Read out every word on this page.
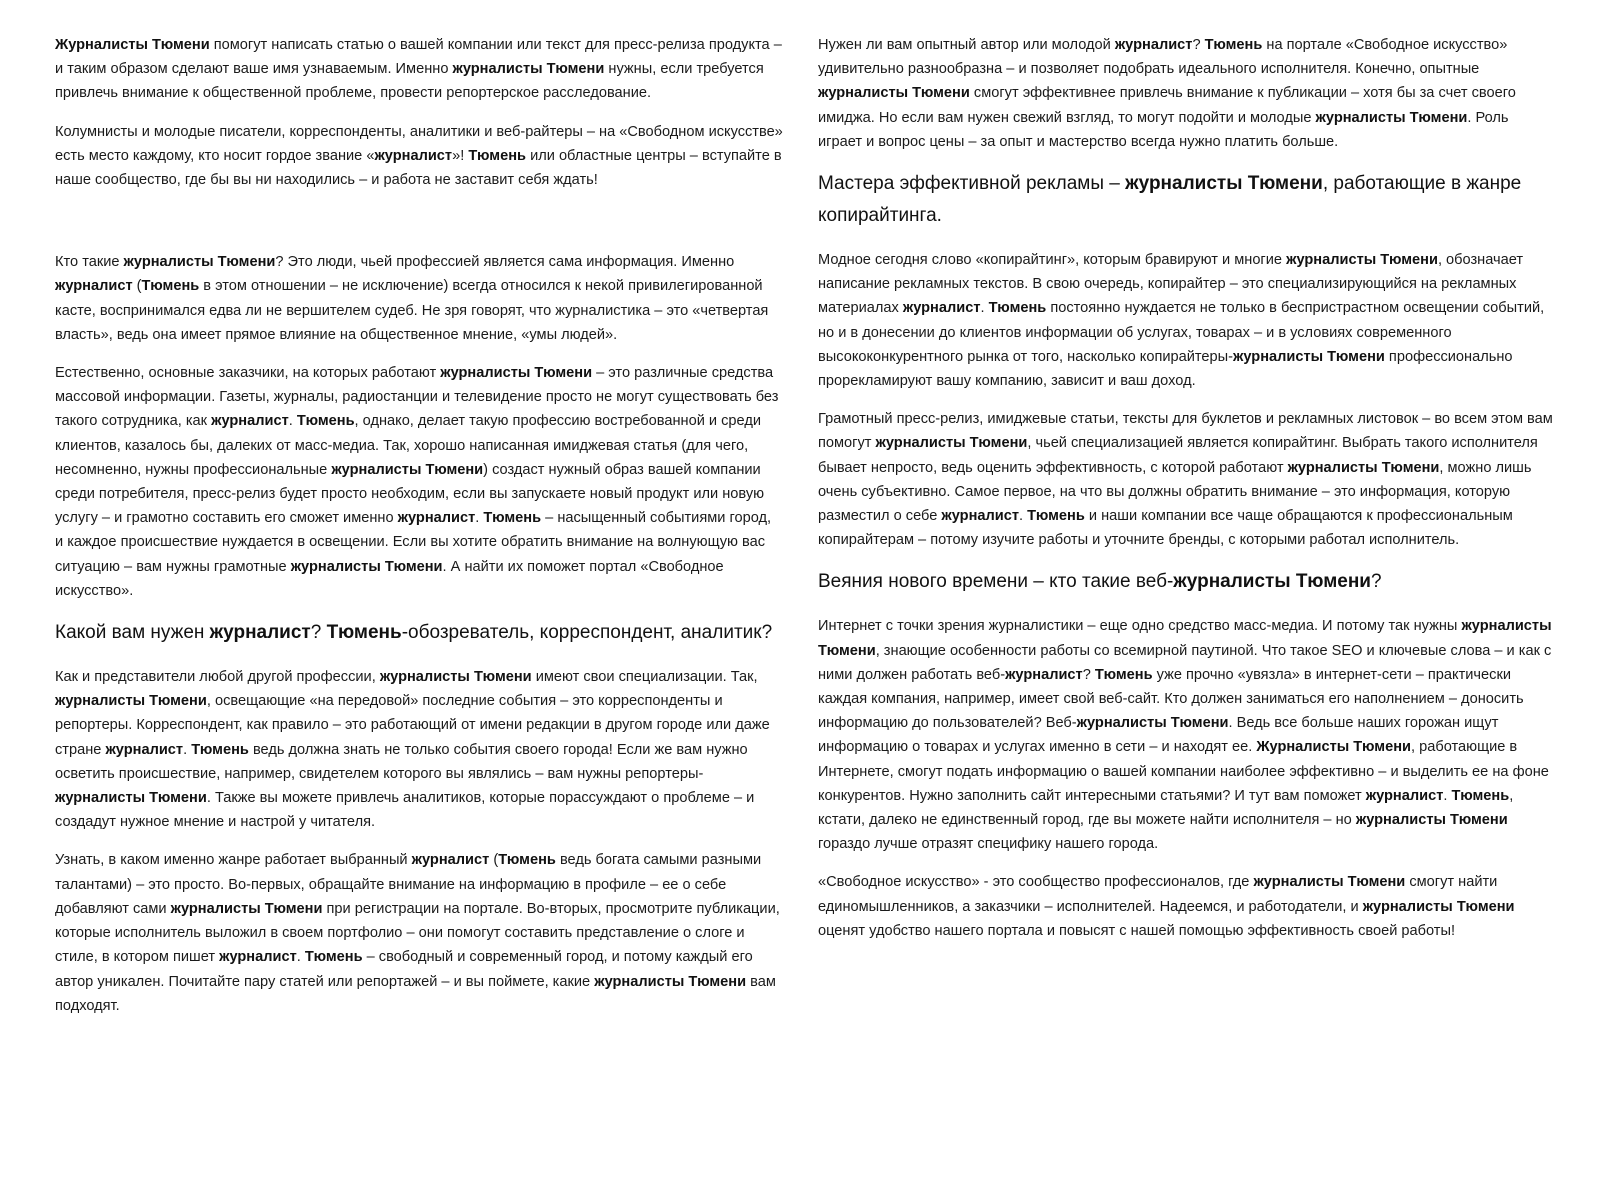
Журналисты Тюмени помогут написать статью о вашей компании или текст для пресс-релиза продукта – и таким образом сделают ваше имя узнаваемым. Именно журналисты Тюмени нужны, если требуется привлечь внимание к общественной проблеме, провести репортерское расследование.

Колумнисты и молодые писатели, корреспонденты, аналитики и веб-райтеры – на «Свободном искусстве» есть место каждому, кто носит гордое звание «журналист»! Тюмень или областные центры – вступайте в наше сообщество, где бы вы ни находились – и работа не заставит себя ждать!

Кто такие журналисты Тюмени? Это люди, чьей профессией является сама информация. Именно журналист (Тюмень в этом отношении – не исключение) всегда относился к некой привилегированной касте, воспринимался едва ли не вершителем судеб. Не зря говорят, что журналистика – это «четвертая власть», ведь она имеет прямое влияние на общественное мнение, «умы людей».

Естественно, основные заказчики, на которых работают журналисты Тюмени – это различные средства массовой информации. Газеты, журналы, радиостанции и телевидение просто не могут существовать без такого сотрудника, как журналист. Тюмень, однако, делает такую профессию востребованной и среди клиентов, казалось бы, далеких от масс-медиа. Так, хорошо написанная имиджевая статья (для чего, несомненно, нужны профессиональные журналисты Тюмени) создаст нужный образ вашей компании среди потребителя, пресс-релиз будет просто необходим, если вы запускаете новый продукт или новую услугу – и грамотно составить его сможет именно журналист. Тюмень – насыщенный событиями город, и каждое происшествие нуждается в освещении. Если вы хотите обратить внимание на волнующую вас ситуацию – вам нужны грамотные журналисты Тюмени. А найти их поможет портал «Свободное искусство».

Какой вам нужен журналист? Тюмень-обозреватель, корреспондент, аналитик?

Как и представители любой другой профессии, журналисты Тюмени имеют свои специализации. Так, журналисты Тюмени, освещающие «на передовой» последние события – это корреспонденты и репортеры. Корреспондент, как правило – это работающий от имени редакции в другом городе или даже стране журналист. Тюмень ведь должна знать не только события своего города! Если же вам нужно осветить происшествие, например, свидетелем которого вы являлись – вам нужны репортеры-журналисты Тюмени. Также вы можете привлечь аналитиков, которые порассуждают о проблеме – и создадут нужное мнение и настрой у читателя.

Узнать, в каком именно жанре работает выбранный журналист (Тюмень ведь богата самыми разными талантами) – это просто. Во-первых, обращайте внимание на информацию в профиле – ее о себе добавляют сами журналисты Тюмени при регистрации на портале. Во-вторых, просмотрите публикации, которые исполнитель выложил в своем портфолио – они помогут составить представление о слоге и стиле, в котором пишет журналист. Тюмень – свободный и современный город, и потому каждый его автор уникален. Почитайте пару статей или репортажей – и вы поймете, какие журналисты Тюмени вам подходят.

Нужен ли вам опытный автор или молодой журналист? Тюмень на портале «Свободное искусство» удивительно разнообразна – и позволяет подобрать идеального исполнителя. Конечно, опытные журналисты Тюмени смогут эффективнее привлечь внимание к публикации – хотя бы за счет своего имиджа. Но если вам нужен свежий взгляд, то могут подойти и молодые журналисты Тюмени. Роль играет и вопрос цены – за опыт и мастерство всегда нужно платить больше.

Мастера эффективной рекламы – журналисты Тюмени, работающие в жанре копирайтинга.

Модное сегодня слово «копирайтинг», которым бравируют и многие журналисты Тюмени, обозначает написание рекламных текстов. В свою очередь, копирайтер – это специализирующийся на рекламных материалах журналист. Тюмень постоянно нуждается не только в беспристрастном освещении событий, но и в донесении до клиентов информации об услугах, товарах – и в условиях современного высококонкурентного рынка от того, насколько копирайтеры-журналисты Тюмени профессионально прорекламируют вашу компанию, зависит и ваш доход.

Грамотный пресс-релиз, имиджевые статьи, тексты для буклетов и рекламных листовок – во всем этом вам помогут журналисты Тюмени, чьей специализацией является копирайтинг. Выбрать такого исполнителя бывает непросто, ведь оценить эффективность, с которой работают журналисты Тюмени, можно лишь очень субъективно. Самое первое, на что вы должны обратить внимание – это информация, которую разместил о себе журналист. Тюмень и наши компании все чаще обращаются к профессиональным копирайтерам – потому изучите работы и уточните бренды, с которыми работал исполнитель.

Веяния нового времени – кто такие веб-журналисты Тюмени?

Интернет с точки зрения журналистики – еще одно средство масс-медиа. И потому так нужны журналисты Тюмени, знающие особенности работы со всемирной паутиной. Что такое SEO и ключевые слова – и как с ними должен работать веб-журналист? Тюмень уже прочно «увязла» в интернет-сети – практически каждая компания, например, имеет свой веб-сайт. Кто должен заниматься его наполнением – доносить информацию до пользователей? Веб-журналисты Тюмени. Ведь все больше наших горожан ищут информацию о товарах и услугах именно в сети – и находят ее. Журналисты Тюмени, работающие в Интернете, смогут подать информацию о вашей компании наиболее эффективно – и выделить ее на фоне конкурентов. Нужно заполнить сайт интересными статьями? И тут вам поможет журналист. Тюмень, кстати, далеко не единственный город, где вы можете найти исполнителя – но журналисты Тюмени гораздо лучше отразят специфику нашего города.

«Свободное искусство» - это сообщество профессионалов, где журналисты Тюмени смогут найти единомышленников, а заказчики – исполнителей. Надеемся, и работодатели, и журналисты Тюмени оценят удобство нашего портала и повысят с нашей помощью эффективность своей работы!
